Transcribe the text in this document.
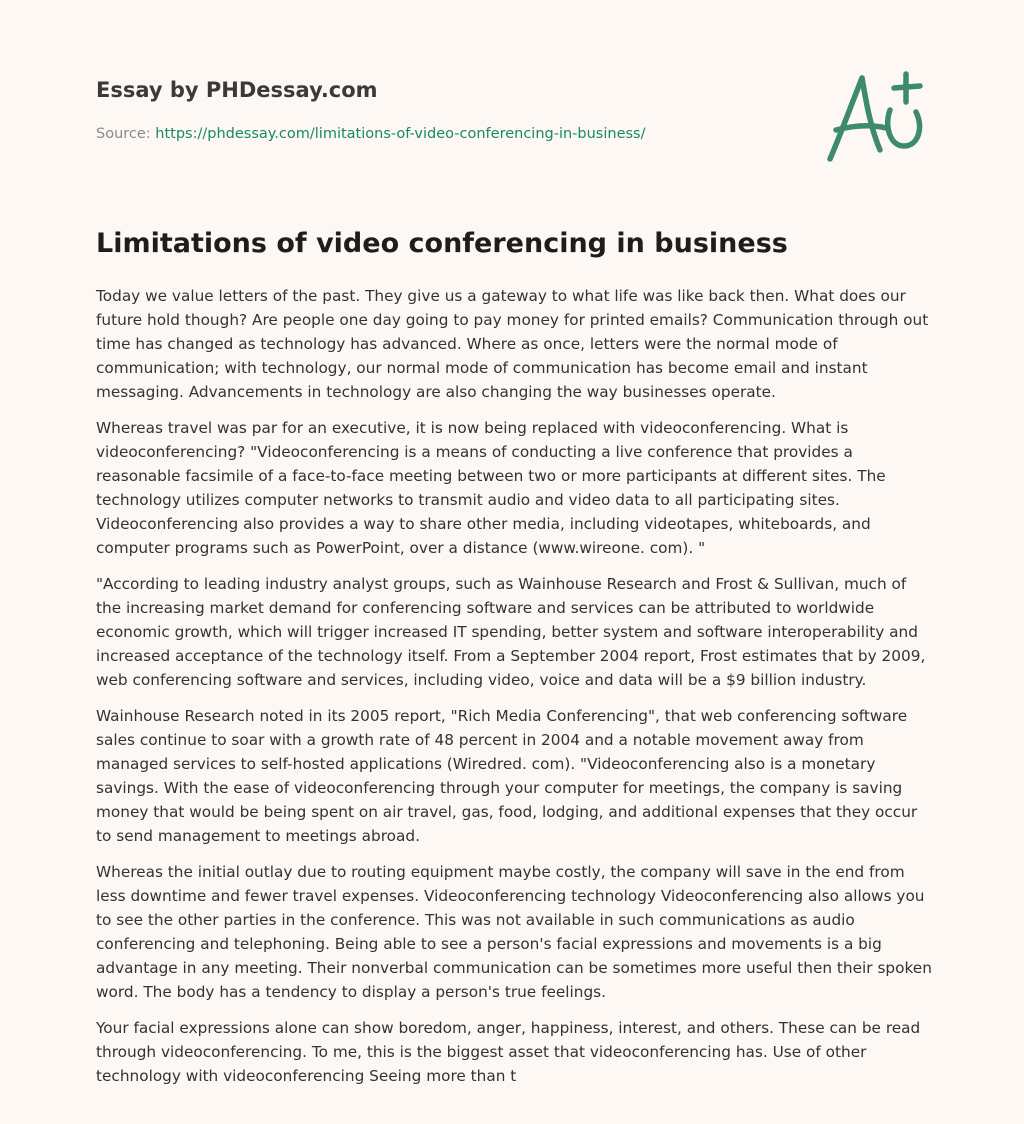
Essay by PHDessay.com
Source: https://phdessay.com/limitations-of-video-conferencing-in-business/
Limitations of video conferencing in business

Today we value letters of the past. They give us a gateway to what life was like back then. What does our future hold though? Are people one day going to pay money for printed emails? Communication through out time has changed as technology has advanced. Where as once, letters were the normal mode of communication; with technology, our normal mode of communication has become email and instant messaging. Advancements in technology are also changing the way businesses operate.

Whereas travel was par for an executive, it is now being replaced with videoconferencing. What is videoconferencing? "Videoconferencing is a means of conducting a live conference that provides a reasonable facsimile of a face-to-face meeting between two or more participants at different sites. The technology utilizes computer networks to transmit audio and video data to all participating sites. Videoconferencing also provides a way to share other media, including videotapes, whiteboards, and computer programs such as PowerPoint, over a distance (www.wireone. com). "

"According to leading industry analyst groups, such as Wainhouse Research and Frost & Sullivan, much of the increasing market demand for conferencing software and services can be attributed to worldwide economic growth, which will trigger increased IT spending, better system and software interoperability and increased acceptance of the technology itself. From a September 2004 report, Frost estimates that by 2009, web conferencing software and services, including video, voice and data will be a $9 billion industry.

Wainhouse Research noted in its 2005 report, "Rich Media Conferencing", that web conferencing software sales continue to soar with a growth rate of 48 percent in 2004 and a notable movement away from managed services to self-hosted applications (Wiredred. com). "Videoconferencing also is a monetary savings. With the ease of videoconferencing through your computer for meetings, the company is saving money that would be being spent on air travel, gas, food, lodging, and additional expenses that they occur to send management to meetings abroad.

Whereas the initial outlay due to routing equipment maybe costly, the company will save in the end from less downtime and fewer travel expenses. Videoconferencing technology Videoconferencing also allows you to see the other parties in the conference. This was not available in such communications as audio conferencing and telephoning. Being able to see a person's facial expressions and movements is a big advantage in any meeting. Their nonverbal communication can be sometimes more useful then their spoken word. The body has a tendency to display a person's true feelings.

Your facial expressions alone can show boredom, anger, happiness, interest, and others. These can be read through videoconferencing. To me, this is the biggest asset that videoconferencing has. Use of other technology with videoconferencing Seeing more than t
